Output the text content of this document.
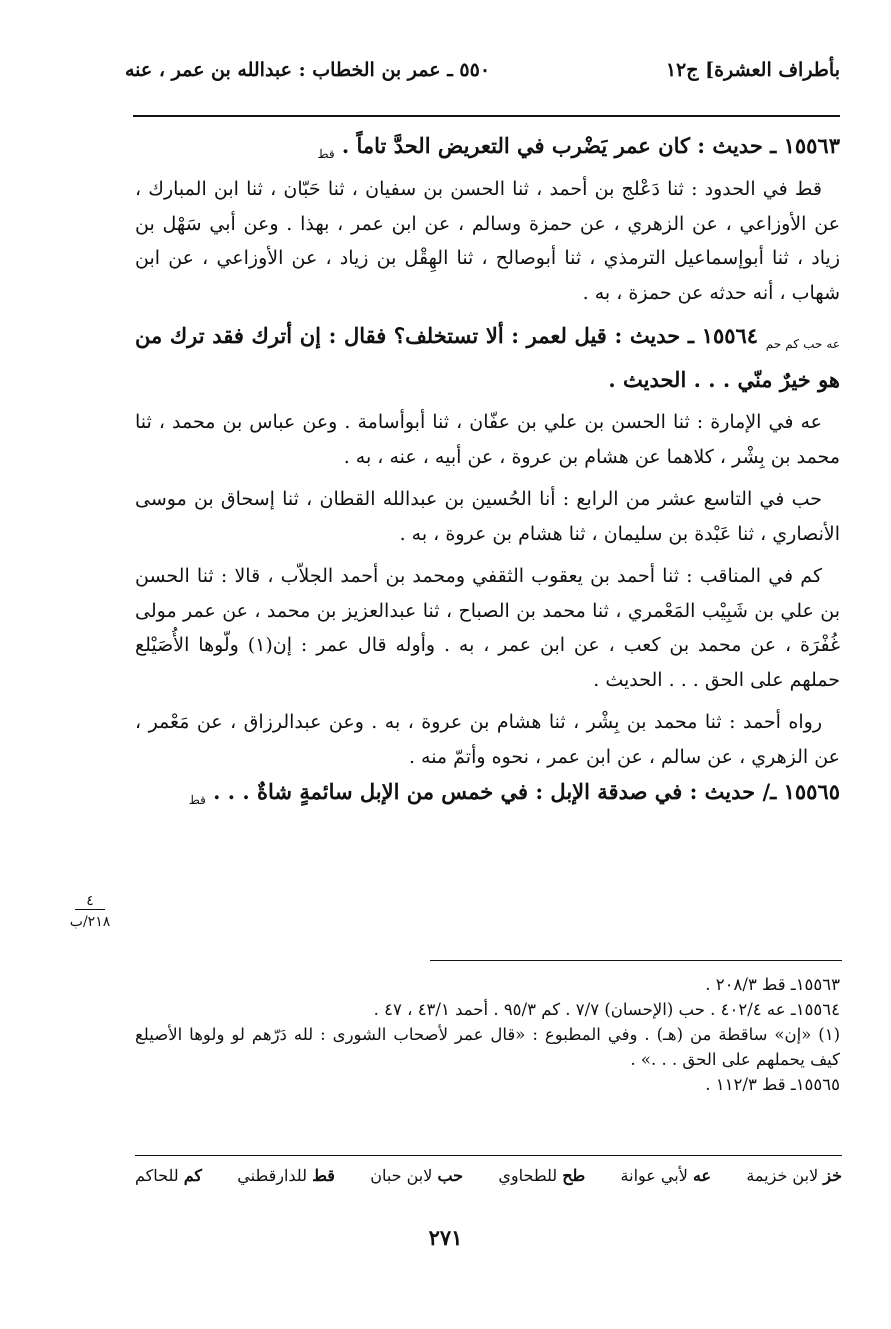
بأطراف العشرة] ج١٢
٥٥٠ ـ عمر بن الخطاب : عبدالله بن عمر ، عنه

١٥٥٦٣ ـ حديث : كان عمر يَضْرب في التعريض الحدَّ تاماً . $_{قط}$

قط في الحدود : ثنا دَعْلج بن أحمد ، ثنا الحسن بن سفيان ، ثنا حَبّان ، ثنا ابن المبارك ، عن الأوزاعي ، عن الزهري ، عن حمزة وسالم ، عن ابن عمر ، بهذا . وعن أبي سَهْل بن زياد ، ثنا أبوإسماعيل الترمذي ، ثنا أبوصالح ، ثنا الهِقْل بن زياد ، عن الأوزاعي ، عن ابن شهاب ، أنه حدثه عن حمزة ، به .

$_{عه حب كم حم}$ ١٥٥٦٤ ـ حديث : قيل لعمر : ألا تستخلف؟ فقال : إن أترك فقد ترك من هو خيرٌ منّي . . . الحديث .

عه في الإمارة : ثنا الحسن بن علي بن عفّان ، ثنا أبوأسامة . وعن عباس بن محمد ، ثنا محمد بن بِشْر ، كلاهما عن هشام بن عروة ، عن أبيه ، عنه ، به .

حب في التاسع عشر من الرابع : أنا الحُسين بن عبدالله القطان ، ثنا إسحاق بن موسى الأنصاري ، ثنا عَبْدة بن سليمان ، ثنا هشام بن عروة ، به .

كم في المناقب : ثنا أحمد بن يعقوب الثقفي ومحمد بن أحمد الجلاّب ، قالا : ثنا الحسن بن علي بن شَبِيْب المَعْمري ، ثنا محمد بن الصباح ، ثنا عبدالعزيز بن محمد ، عن عمر مولى غُفْرَة ، عن محمد بن كعب ، عن ابن عمر ، به . وأوله قال عمر : إن(١) ولّوها الأُصَيْلع حملهم على الحق . . . الحديث .

رواه أحمد : ثنا محمد بن بِشْر ، ثنا هشام بن عروة ، به . وعن عبدالرزاق ، عن مَعْمر ، عن الزهري ، عن سالم ، عن ابن عمر ، نحوه وأتمّ منه .

١٥٥٦٥ ـ/ حديث : في صدقة الإبل : في خمس من الإبل سائمةٍ شاةٌ . . . $_{قط}$

٤
٢١٨/ب

١٥٥٦٣ـ قط ٢٠٨/٣ .

١٥٥٦٤ـ عه ٤٠٢/٤ . حب (الإحسان) ٧/٧ . كم ٩٥/٣ . أحمد ٤٣/١ ، ٤٧ .

(١) «إن» ساقطة من (هـ) . وفي المطبوع : «قال عمر لأصحاب الشورى : لله دَرّهم لو ولوها الأصيلع كيف يحملهم على الحق . . .» .

١٥٥٦٥ـ قط ١١٢/٣ .

خز لابن خزيمة
عه لأبي عوانة
طح للطحاوي
حب لابن حبان
قط للدارقطني
كم للحاكم
٢٧١
